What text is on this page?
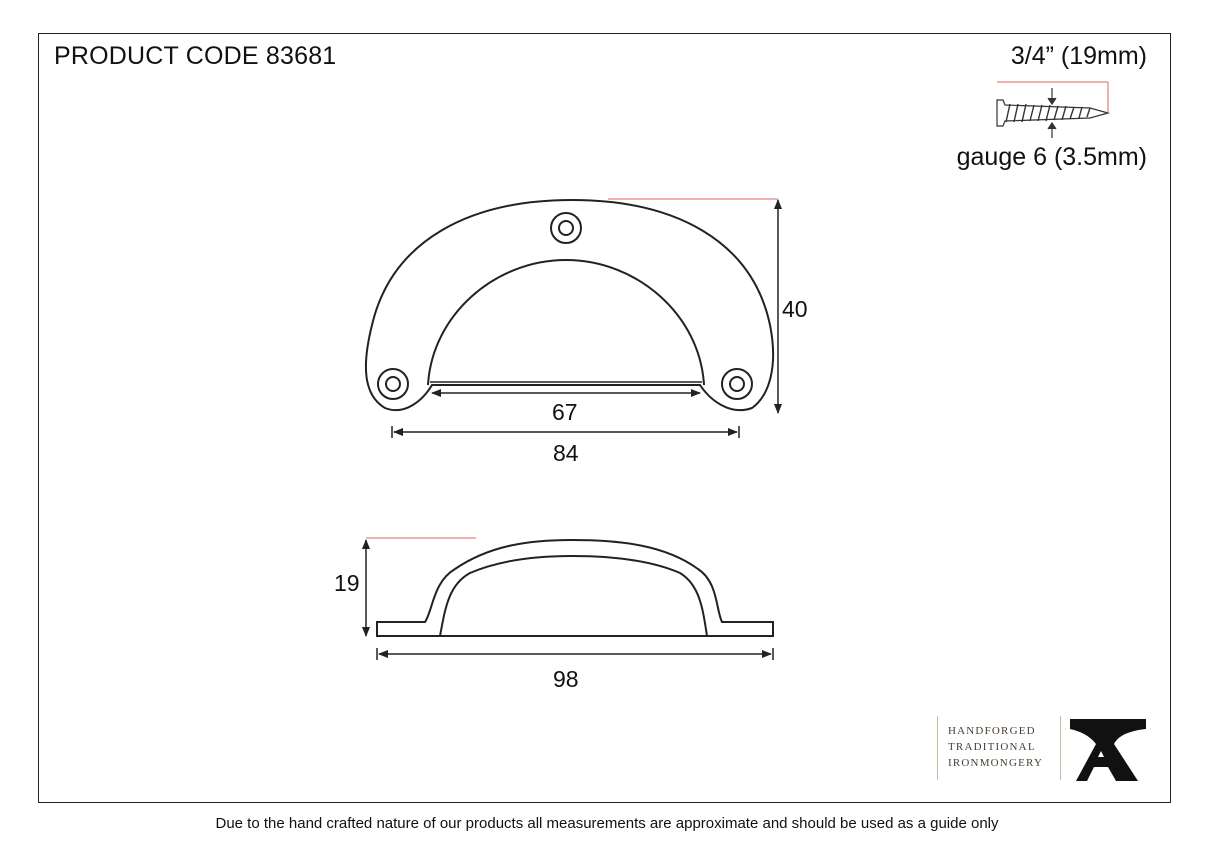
PRODUCT CODE 83681	3/4” (19mm)
gauge 6 (3.5mm)
40
67
84
19
98
HANDFORGED
TRADITIONAL
IRONMONGERY
Due to the hand crafted nature of our products all measurements are approximate and should be used as a guide only
